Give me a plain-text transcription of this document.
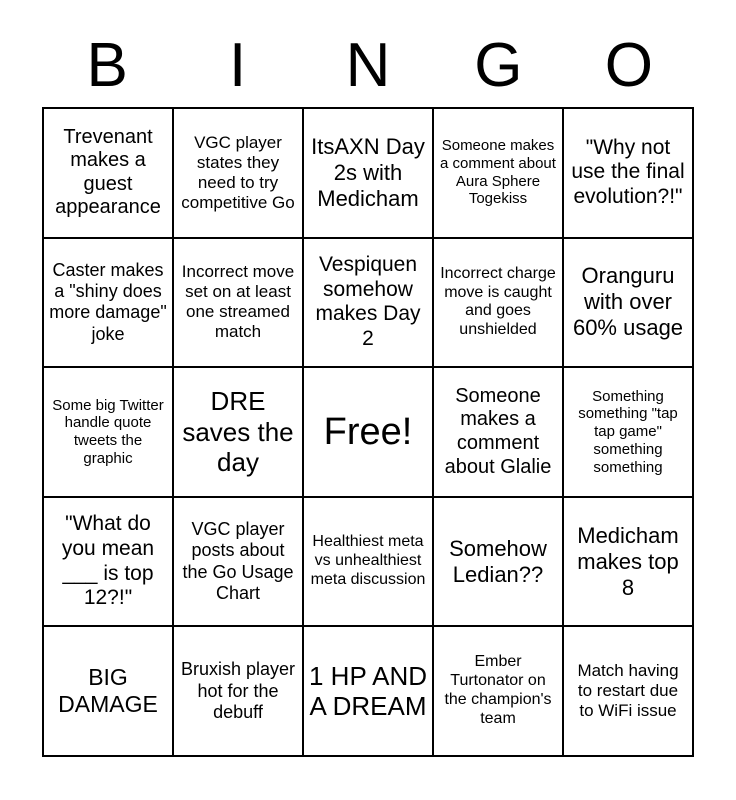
B	I	N	G	O
Trevenant makes a guest appearance
VGC player states they need to try competitive Go
ItsAXN Day 2s with Medicham
Someone makes a comment about Aura Sphere Togekiss
"Why not use the final evolution?!"
Caster makes a "shiny does more damage" joke
Incorrect move set on at least one streamed match
Vespiquen somehow makes Day 2
Incorrect charge move is caught and goes unshielded
Oranguru with over 60% usage
Some big Twitter handle quote tweets the graphic
DRE saves the day
Free!
Someone makes a comment about Glalie
Something something "tap tap game" something something
"What do you mean ___ is top 12?!"
VGC player posts about the Go Usage Chart
Healthiest meta vs unhealthiest meta discussion
Somehow Ledian??
Medicham makes top 8
BIG DAMAGE
Bruxish player hot for the debuff
1 HP AND A DREAM
Ember Turtonator on the champion's team
Match having to restart due to WiFi issue
